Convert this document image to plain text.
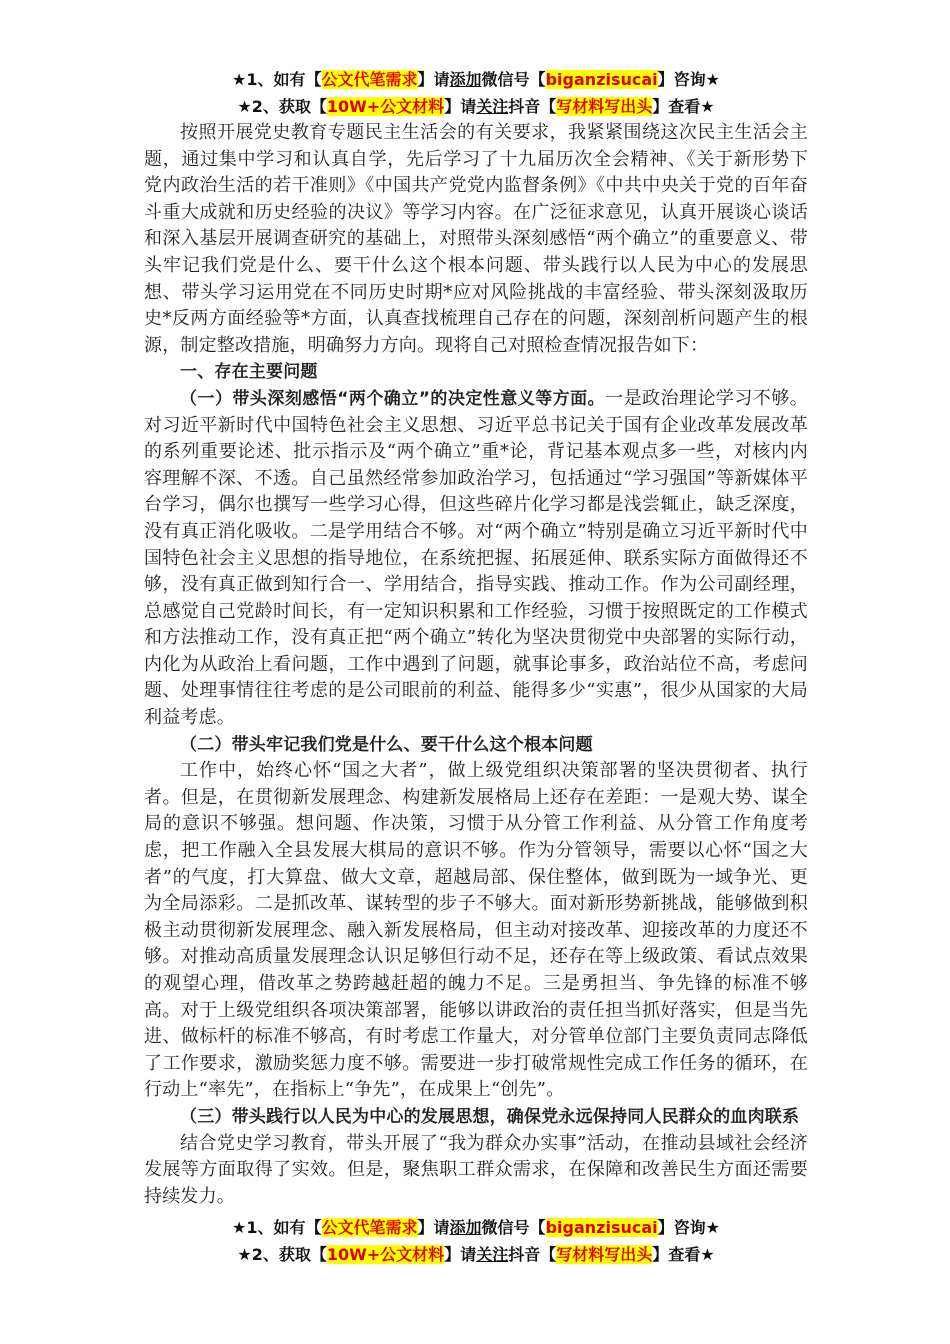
★1、如有【公文代笔需求】请添加微信号【biganzisucai】咨询★
★2、获取【10W+公文材料】请关注抖音【写材料写出头】查看★

按照开展党史教育专题民主生活会的有关要求，我紧紧围绕这次民主生活会主题，通过集中学习和认真自学，先后学习了十九届历次全会精神、《关于新形势下党内政治生活的若干准则》《中国共产党党内监督条例》《中共中央关于党的百年奋斗重大成就和历史经验的决议》等学习内容。在广泛征求意见，认真开展谈心谈话和深入基层开展调查研究的基础上，对照带头深刻感悟“两个确立”的重要意义、带头牢记我们党是什么、要干什么这个根本问题、带头践行以人民为中心的发展思想、带头学习运用党在不同历史时期*应对风险挑战的丰富经验、带头深刻汲取历史*反两方面经验等*方面，认真查找梳理自己存在的问题，深刻剖析问题产生的根源，制定整改措施，明确努力方向。现将自己对照检查情况报告如下：

一、存在主要问题

（一）带头深刻感悟“两个确立”的决定性意义等方面。一是政治理论学习不够。对习近平新时代中国特色社会主义思想、习近平总书记关于国有企业改革发展改革的系列重要论述、批示指示及“两个确立”重*论，背记基本观点多一些，对核内内容理解不深、不透。自己虽然经常参加政治学习，包括通过“学习强国”等新媒体平台学习，偶尔也撰写一些学习心得，但这些碎片化学习都是浅尝辄止，缺乏深度，没有真正消化吸收。二是学用结合不够。对“两个确立”特别是确立习近平新时代中国特色社会主义思想的指导地位，在系统把握、拓展延伸、联系实际方面做得还不够，没有真正做到知行合一、学用结合，指导实践、推动工作。作为公司副经理，总感觉自己党龄时间长，有一定知识积累和工作经验，习惯于按照既定的工作模式和方法推动工作，没有真正把“两个确立”转化为坚决贯彻党中央部署的实际行动，内化为从政治上看问题，工作中遇到了问题，就事论事多，政治站位不高，考虑问题、处理事情往往考虑的是公司眼前的利益、能得多少“实惠”，很少从国家的大局利益考虑。

（二）带头牢记我们党是什么、要干什么这个根本问题

工作中，始终心怀“国之大者”，做上级党组织决策部署的坚决贯彻者、执行者。但是，在贯彻新发展理念、构建新发展格局上还存在差距：一是观大势、谋全局的意识不够强。想问题、作决策，习惯于从分管工作利益、从分管工作角度考虑，把工作融入全县发展大棋局的意识不够。作为分管领导，需要以心怀“国之大者”的气度，打大算盘、做大文章，超越局部、保住整体，做到既为一域争光、更为全局添彩。二是抓改革、谋转型的步子不够大。面对新形势新挑战，能够做到积极主动贯彻新发展理念、融入新发展格局，但主动对接改革、迎接改革的力度还不够。对推动高质量发展理念认识足够但行动不足，还存在等上级政策、看试点效果的观望心理，借改革之势跨越赶超的魄力不足。三是勇担当、争先锋的标准不够高。对于上级党组织各项决策部署，能够以讲政治的责任担当抓好落实，但是当先进、做标杆的标准不够高，有时考虑工作量大，对分管单位部门主要负责同志降低了工作要求，激励奖惩力度不够。需要进一步打破常规性完成工作任务的循环，在行动上“率先”，在指标上“争先”，在成果上“创先”。

（三）带头践行以人民为中心的发展思想，确保党永远保持同人民群众的血肉联系

结合党史学习教育，带头开展了“我为群众办实事”活动，在推动县域社会经济发展等方面取得了实效。但是，聚焦职工群众需求，在保障和改善民生方面还需要持续发力。

★1、如有【公文代笔需求】请添加微信号【biganzisucai】咨询★
★2、获取【10W+公文材料】请关注抖音【写材料写出头】查看★
